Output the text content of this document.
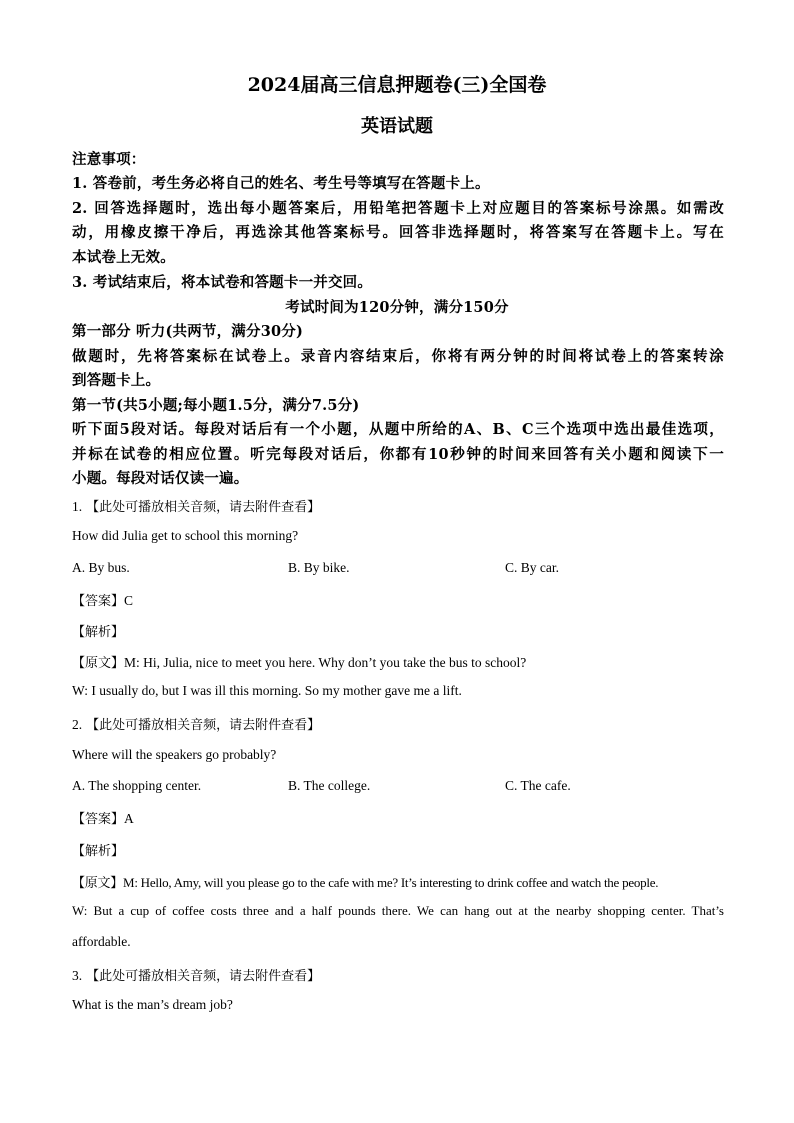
2024届高三信息押题卷(三)全国卷
英语试题
注意事项：
1. 答卷前，考生务必将自己的姓名、考生号等填写在答题卡上。
2. 回答选择题时，选出每小题答案后，用铅笔把答题卡上对应题目的答案标号涂黑。如需改
动，用橡皮擦干净后，再选涂其他答案标号。回答非选择题时，将答案写在答题卡上。写在
本试卷上无效。
3. 考试结束后，将本试卷和答题卡一并交回。
考试时间为120分钟，满分150分
第一部分 听力(共两节，满分30分)
做题时，先将答案标在试卷上。录音内容结束后，你将有两分钟的时间将试卷上的答案转涂
到答题卡上。
第一节(共5小题;每小题1.5分，满分7.5分)
听下面5段对话。每段对话后有一个小题，从题中所给的A、B、C三个选项中选出最佳选项，
并标在试卷的相应位置。听完每段对话后，你都有10秒钟的时间来回答有关小题和阅读下一
小题。每段对话仅读一遍。
1. 【此处可播放相关音频，请去附件查看】
How did Julia get to school this morning?
A. By bus.	B. By bike.	C. By car.
【答案】C
【解析】
【原文】M: Hi, Julia, nice to meet you here. Why don’t you take the bus to school?
W: I usually do, but I was ill this morning. So my mother gave me a lift.
2. 【此处可播放相关音频，请去附件查看】
Where will the speakers go probably?
A. The shopping center.	B. The college.	C. The cafe.
【答案】A
【解析】
【原文】M: Hello, Amy, will you please go to the cafe with me? It’s interesting to drink coffee and watch the people.
W: But a cup of coffee costs three and a half pounds there. We can hang out at the nearby shopping center. That’s
affordable.
3. 【此处可播放相关音频，请去附件查看】
What is the man’s dream job?
